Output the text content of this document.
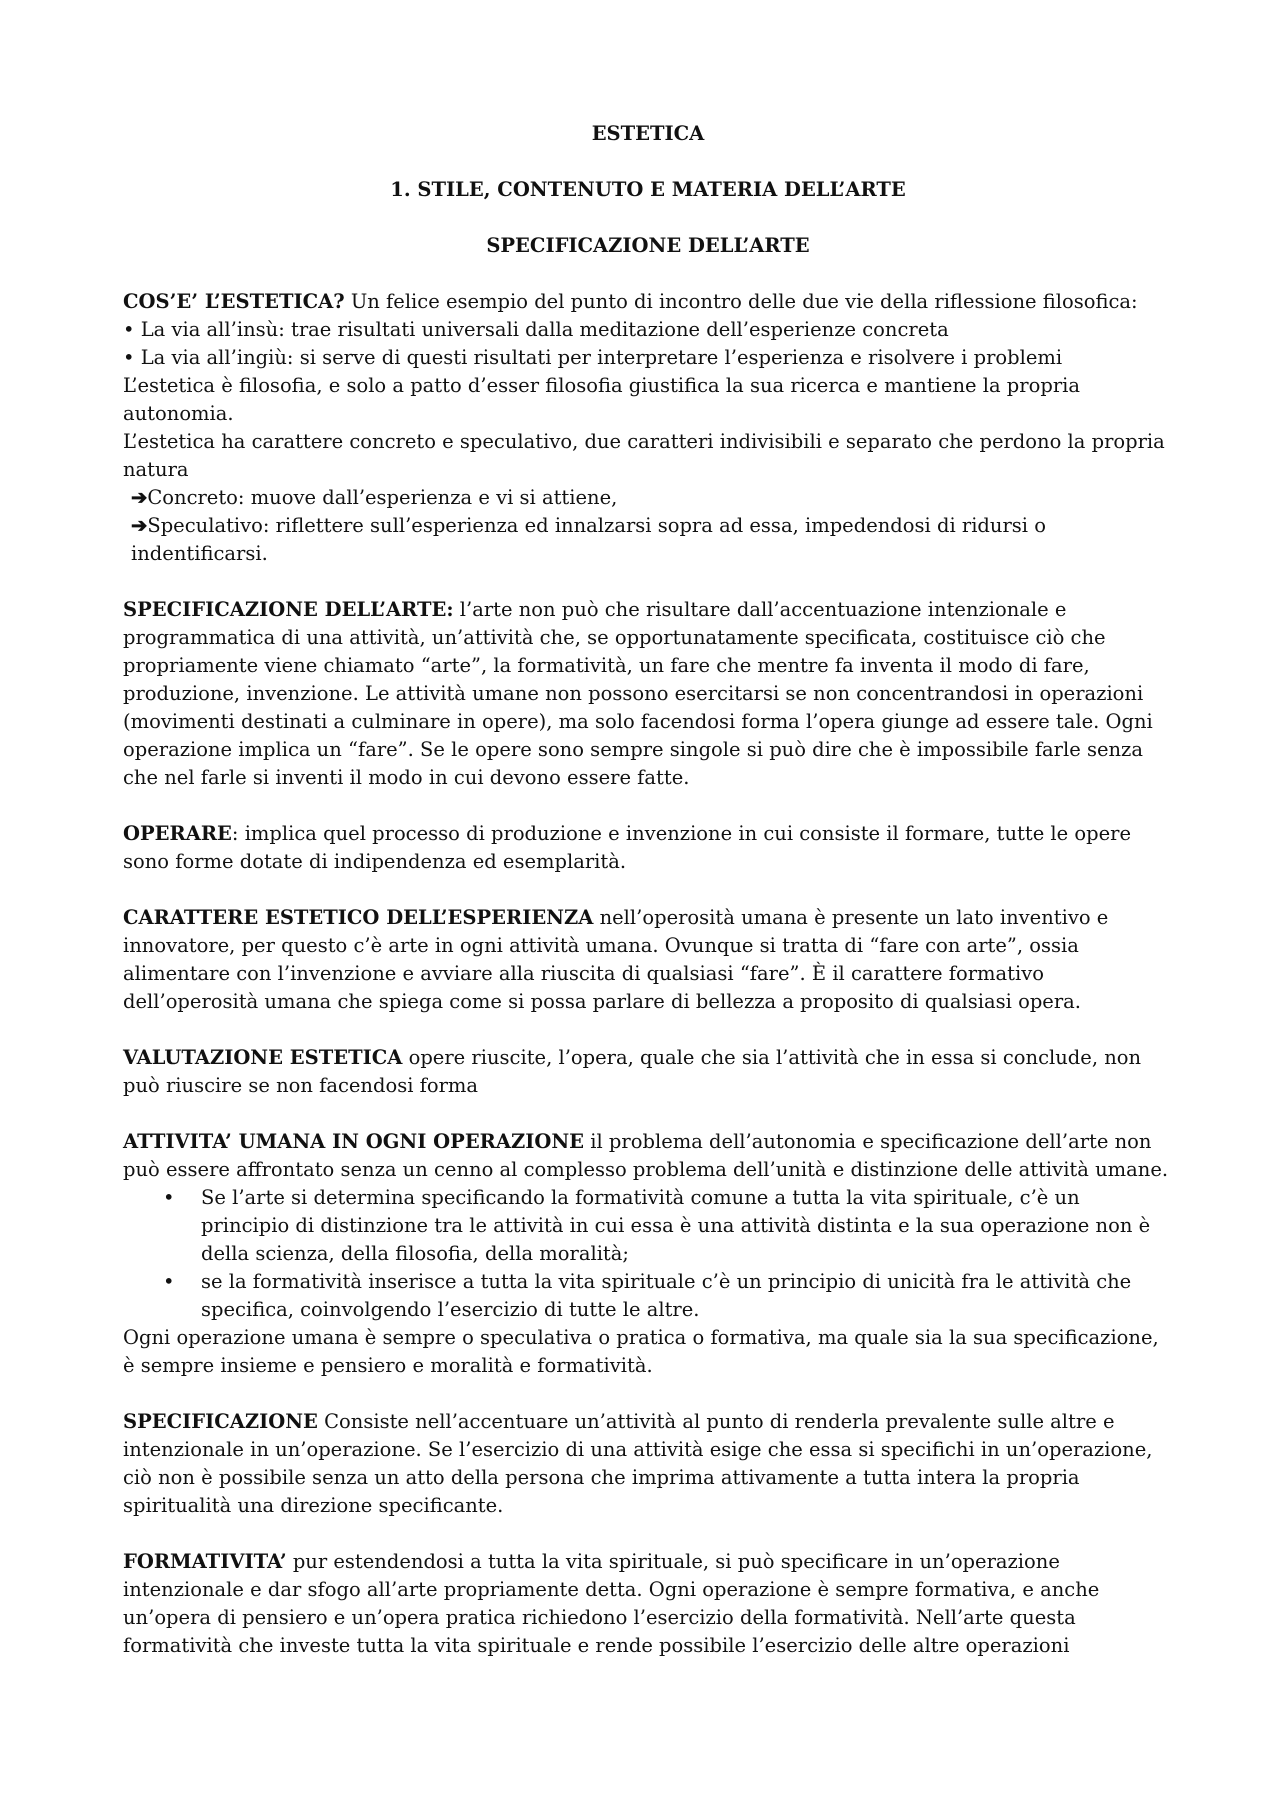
ESTETICA

1. STILE, CONTENUTO E MATERIA DELL’ARTE

SPECIFICAZIONE DELL’ARTE

COS’E’ L’ESTETICA? Un felice esempio del punto di incontro delle due vie della riflessione filosofica:

• La via all’insù: trae risultati universali dalla meditazione dell’esperienze concreta
• La via all’ingiù: si serve di questi risultati per interpretare l’esperienza e risolvere i problemi

L’estetica è filosofia, e solo a patto d’esser filosofia giustifica la sua ricerca e mantiene la propria autonomia.

L’estetica ha carattere concreto e speculativo, due caratteri indivisibili e separato che perdono la propria natura

➔Concreto: muove dall’esperienza e vi si attiene,
➔Speculativo: riflettere sull’esperienza ed innalzarsi sopra ad essa, impedendosi di ridursi o indentificarsi.

SPECIFICAZIONE DELL’ARTE: l’arte non può che risultare dall’accentuazione intenzionale e programmatica di una attività, un’attività che, se opportunatamente specificata, costituisce ciò che propriamente viene chiamato “arte”, la formatività, un fare che mentre fa inventa il modo di fare, produzione, invenzione. Le attività umane non possono esercitarsi se non concentrandosi in operazioni (movimenti destinati a culminare in opere), ma solo facendosi forma l’opera giunge ad essere tale. Ogni operazione implica un “fare”. Se le opere sono sempre singole si può dire che è impossibile farle senza che nel farle si inventi il modo in cui devono essere fatte.

OPERARE: implica quel processo di produzione e invenzione in cui consiste il formare, tutte le opere sono forme dotate di indipendenza ed esemplarità.

CARATTERE ESTETICO DELL’ESPERIENZA nell’operosità umana è presente un lato inventivo e innovatore, per questo c’è arte in ogni attività umana. Ovunque si tratta di “fare con arte”, ossia alimentare con l’invenzione e avviare alla riuscita di qualsiasi “fare”. È il carattere formativo dell’operosità umana che spiega come si possa parlare di bellezza a proposito di qualsiasi opera.

VALUTAZIONE ESTETICA opere riuscite, l’opera, quale che sia l’attività che in essa si conclude, non può riuscire se non facendosi forma

ATTIVITA’ UMANA IN OGNI OPERAZIONE il problema dell’autonomia e specificazione dell’arte non può essere affrontato senza un cenno al complesso problema dell’unità e distinzione delle attività umane.

• Se l’arte si determina specificando la formatività comune a tutta la vita spirituale, c’è un principio di distinzione tra le attività in cui essa è una attività distinta e la sua operazione non è della scienza, della filosofia, della moralità;
• se la formatività inserisce a tutta la vita spirituale c’è un principio di unicità fra le attività che specifica, coinvolgendo l’esercizio di tutte le altre.

Ogni operazione umana è sempre o speculativa o pratica o formativa, ma quale sia la sua specificazione, è sempre insieme e pensiero e moralità e formatività.

SPECIFICAZIONE Consiste nell’accentuare un’attività al punto di renderla prevalente sulle altre e intenzionale in un’operazione. Se l’esercizio di una attività esige che essa si specifichi in un’operazione, ciò non è possibile senza un atto della persona che imprima attivamente a tutta intera la propria spiritualità una direzione specificante.

FORMATIVITA’ pur estendendosi a tutta la vita spirituale, si può specificare in un’operazione intenzionale e dar sfogo all’arte propriamente detta. Ogni operazione è sempre formativa, e anche un’opera di pensiero e un’opera pratica richiedono l’esercizio della formatività. Nell’arte questa formatività che investe tutta la vita spirituale e rende possibile l’esercizio delle altre operazioni
